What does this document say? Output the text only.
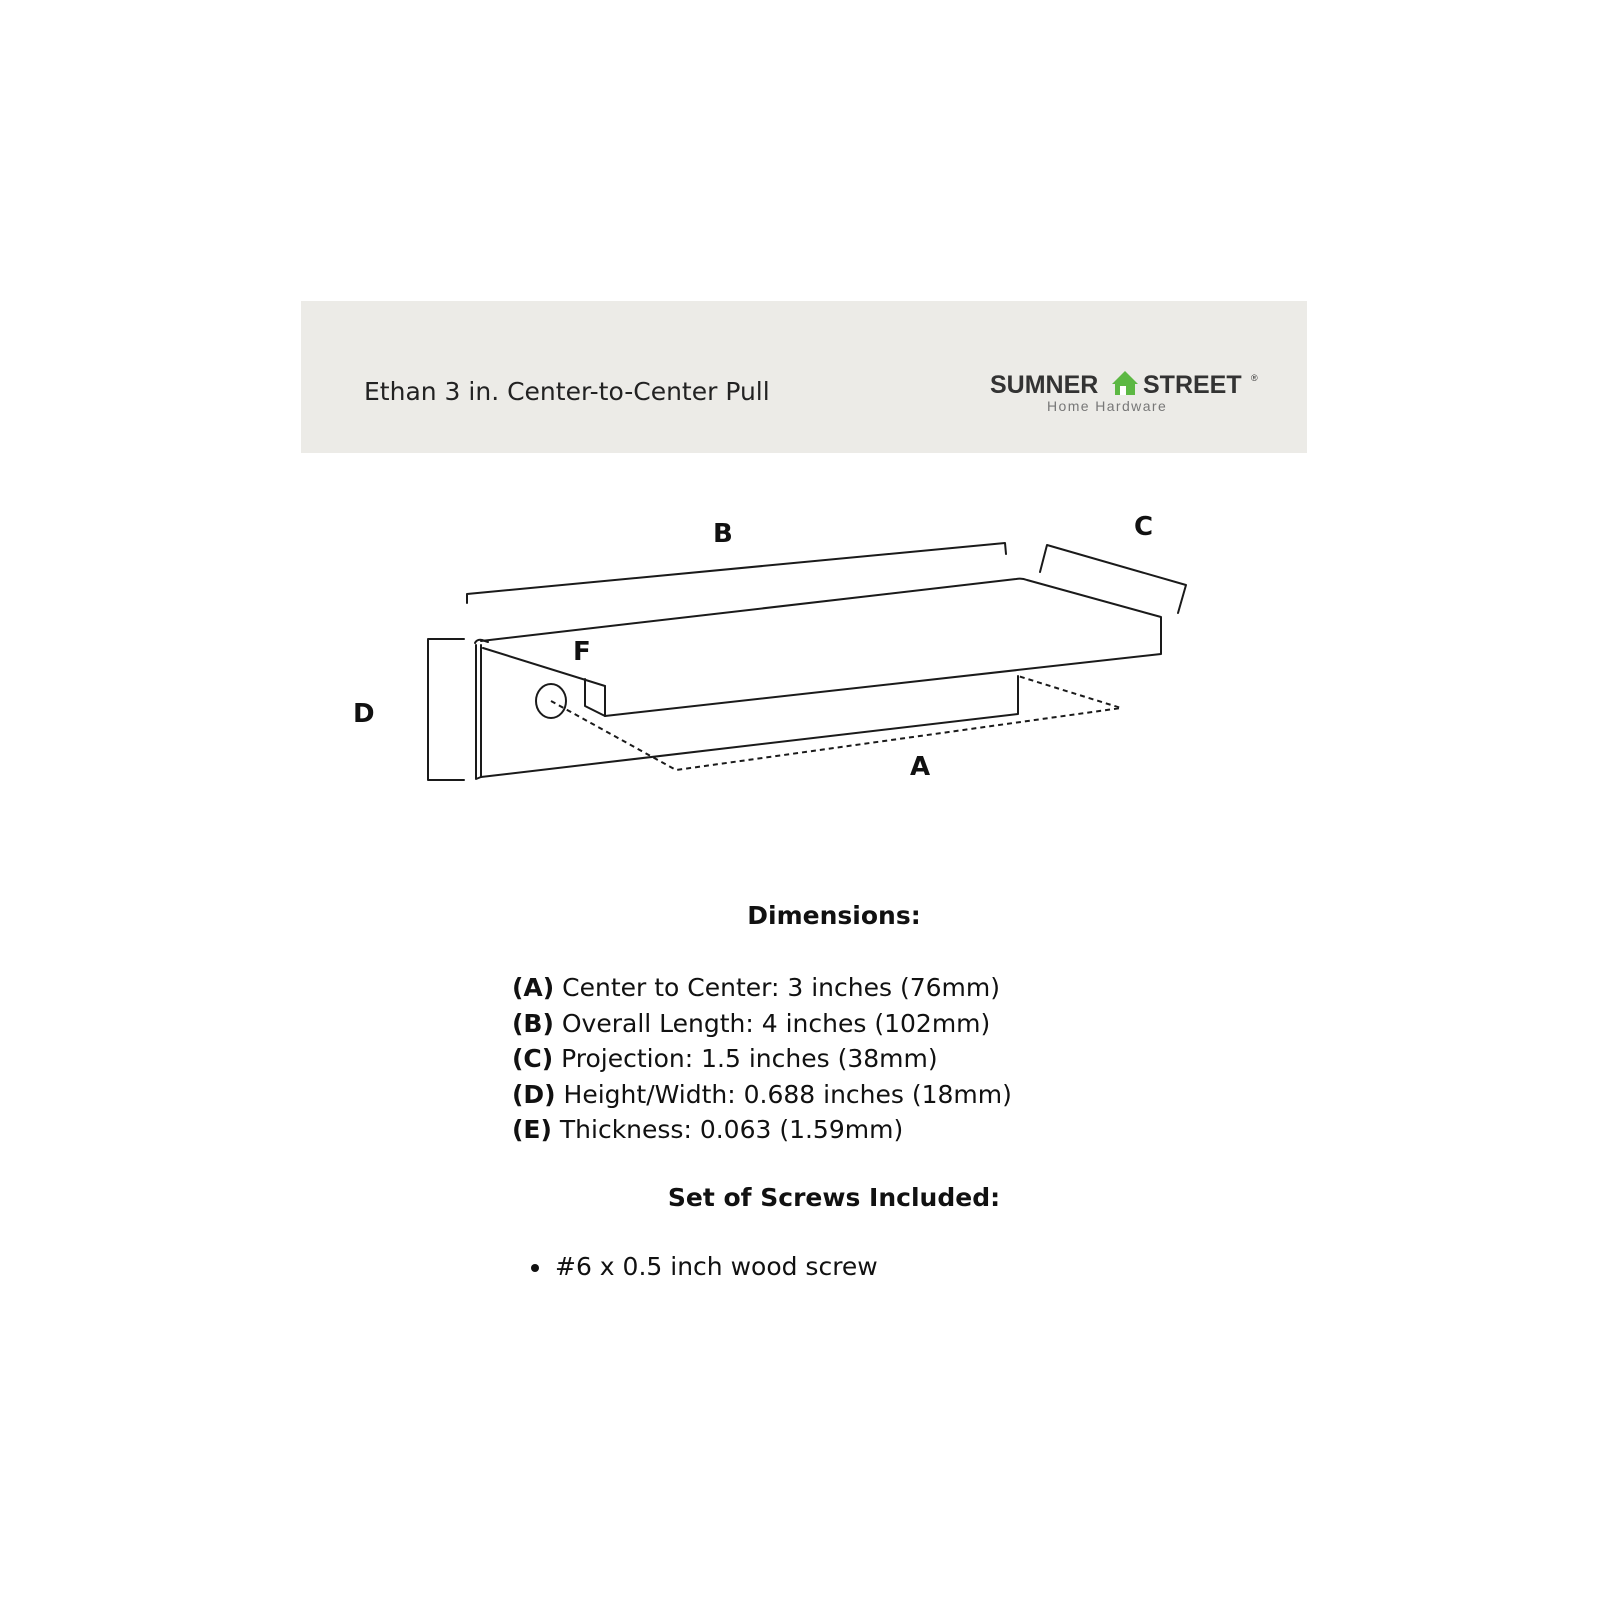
Ethan 3 in. Center-to-Center Pull	SUMNER STREET ®
Home Hardware
B	C
D
F
A
Dimensions:
(A) Center to Center: 3 inches (76mm)
(B) Overall Length: 4 inches (102mm)
(C) Projection: 1.5 inches (38mm)
(D) Height/Width: 0.688 inches (18mm)
(E) Thickness: 0.063 (1.59mm)
Set of Screws Included:
#6 x 0.5 inch wood screw
